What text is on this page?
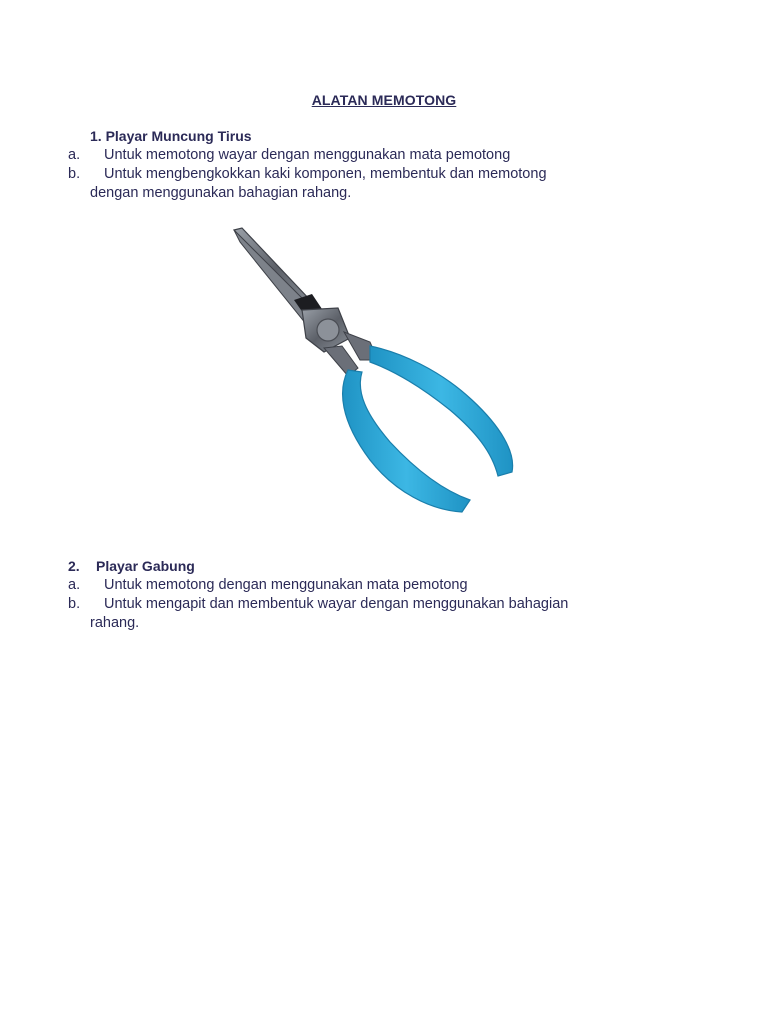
ALATAN MEMOTONG
1. Playar Muncung Tirus
a. Untuk memotong wayar dengan menggunakan mata pemotong
b. Untuk mengbengkokkan kaki komponen, membentuk dan memotong
dengan menggunakan bahagian rahang.
2. Playar Gabung
a. Untuk memotong dengan menggunakan mata pemotong
b. Untuk mengapit dan membentuk wayar dengan menggunakan bahagian
rahang.
